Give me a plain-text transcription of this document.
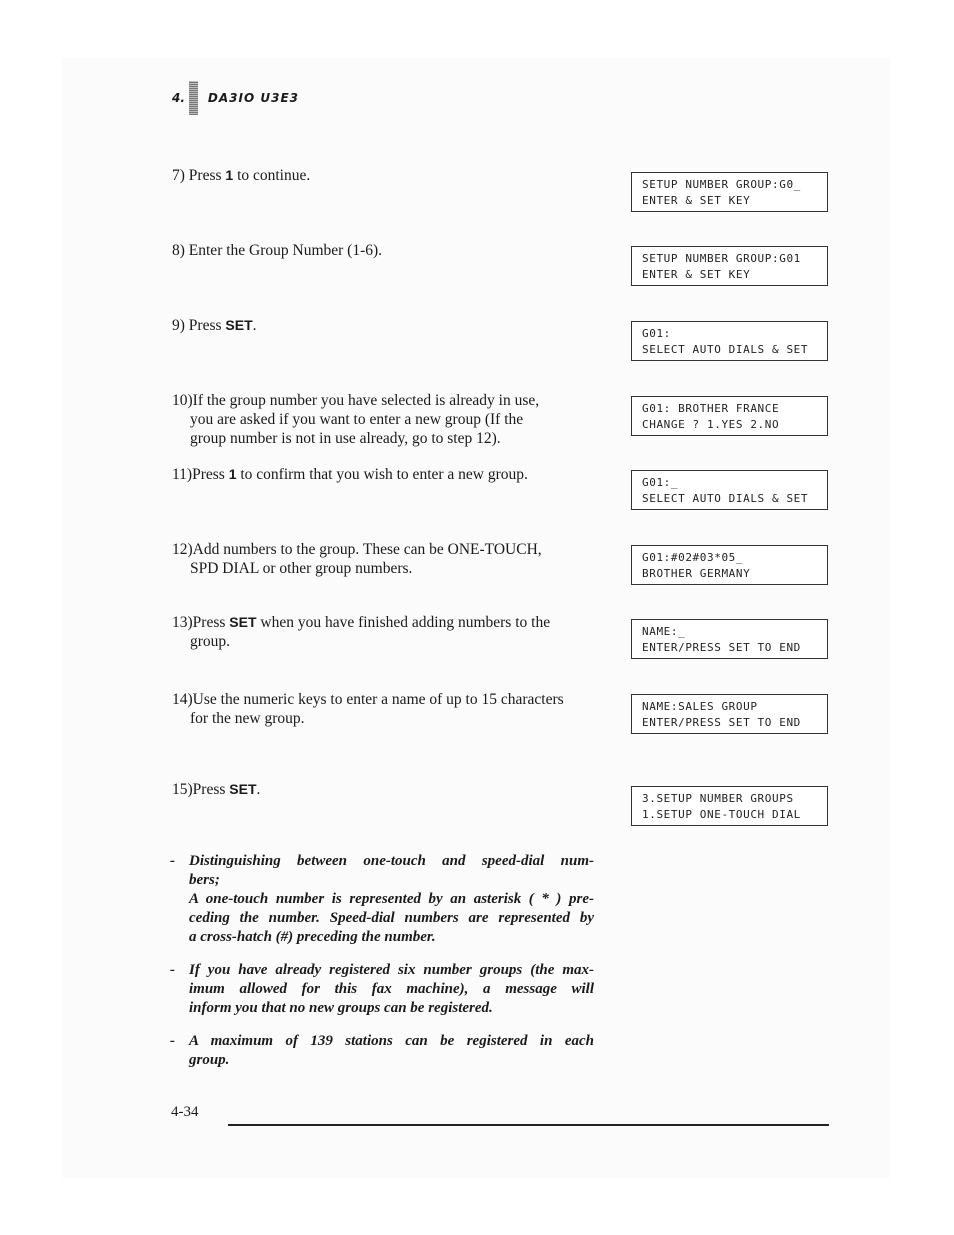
4. DA3IO U3E3
7) Press 1 to continue.
8) Enter the Group Number (1-6).
9) Press SET.
10)If the group number you have selected is already in use,
you are asked if you want to enter a new group (If the
group number is not in use already, go to step 12).
11)Press 1 to confirm that you wish to enter a new group.
12)Add numbers to the group. These can be ONE-TOUCH,
SPD DIAL or other group numbers.
13)Press SET when you have finished adding numbers to the
group.
14)Use the numeric keys to enter a name of up to 15 characters
for the new group.
15)Press SET.
SETUP NUMBER GROUP:G0_
ENTER & SET KEY
SETUP NUMBER GROUP:G01
ENTER & SET KEY
G01:
SELECT AUTO DIALS & SET
G01: BROTHER FRANCE
CHANGE ? 1.YES 2.NO
G01:_
SELECT AUTO DIALS & SET
G01:#02#03*05_
BROTHER GERMANY
NAME:_
ENTER/PRESS SET TO END
NAME:SALES GROUP
ENTER/PRESS SET TO END
3.SETUP NUMBER GROUPS
1.SETUP ONE-TOUCH DIAL
- Distinguishing between one-touch and speed-dial num-
bers;
A one-touch number is represented by an asterisk ( * ) pre-
ceding the number. Speed-dial numbers are represented by
a cross-hatch (#) preceding the number.
- If you have already registered six number groups (the max-
imum allowed for this fax machine), a message will
inform you that no new groups can be registered.
- A maximum of 139 stations can be registered in each
group.
4-34
